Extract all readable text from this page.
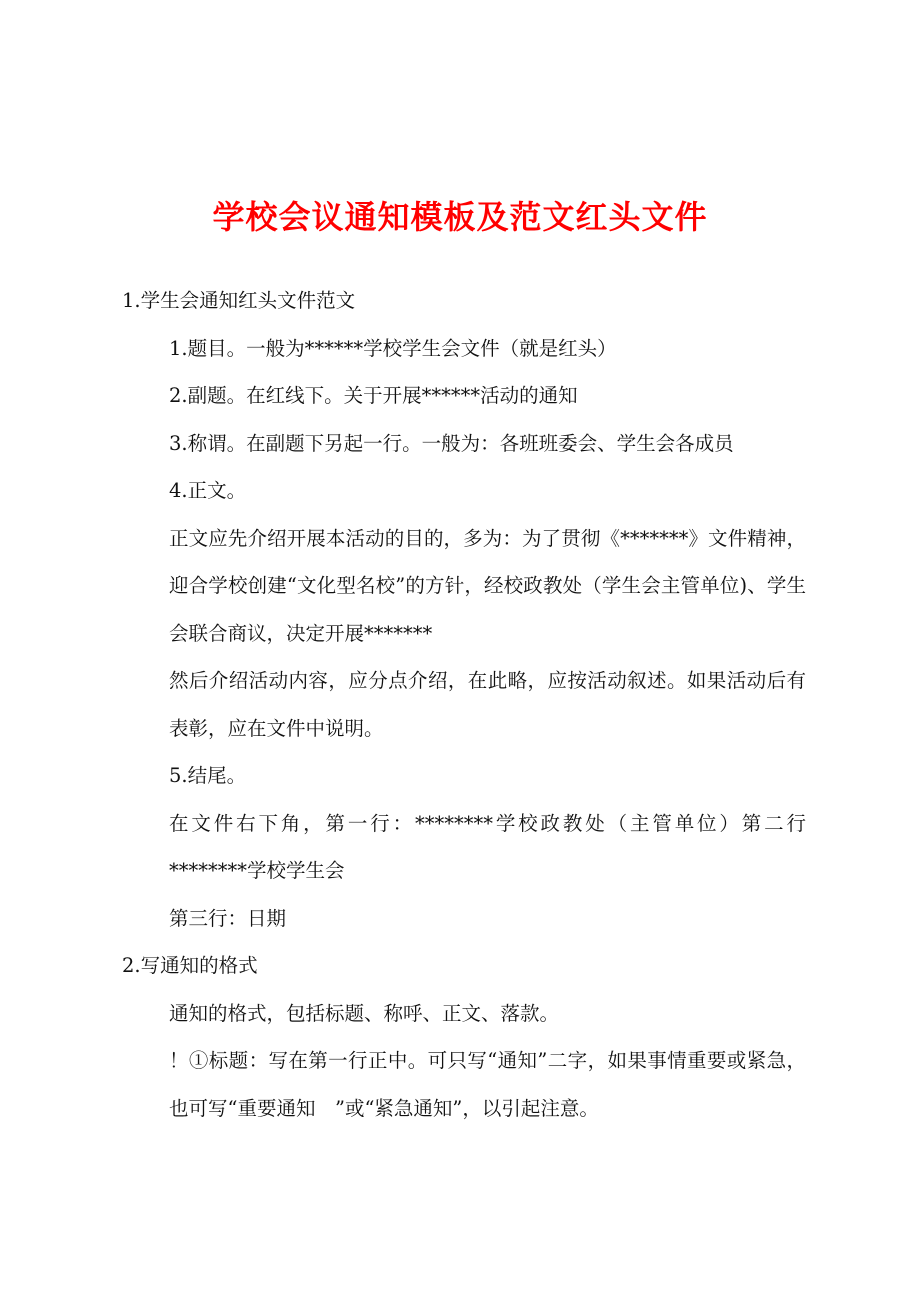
学校会议通知模板及范文红头文件

1.学生会通知红头文件范文

1.题目。一般为******学校学生会文件（就是红头）

2.副题。在红线下。关于开展******活动的通知

3.称谓。在副题下另起一行。一般为：各班班委会、学生会各成员

4.正文。

正文应先介绍开展本活动的目的，多为：为了贯彻《*******》文件精神，迎合学校创建“文化型名校”的方针，经校政教处（学生会主管单位)、学生会联合商议，决定开展*******

然后介绍活动内容，应分点介绍，在此略，应按活动叙述。如果活动后有表彰，应在文件中说明。

5.结尾。

在文件右下角，第一行：********学校政教处（主管单位）第二行********学校学生会

第三行：日期

2.写通知的格式

通知的格式，包括标题、称呼、正文、落款。

！①标题：写在第一行正中。可只写“通知”二字，如果事情重要或紧急，也可写“重要通知　”或“紧急通知”，以引起注意。
